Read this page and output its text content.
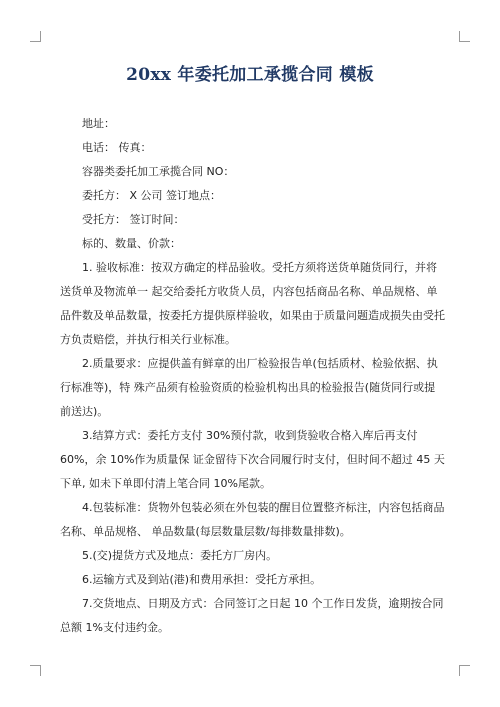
20xx 年委托加工承揽合同 模板

地址：

电话： 传真：

容器类委托加工承揽合同 NO：

委托方： X 公司 签订地点：

受托方： 签订时间：

标的、数量、价款：

1. 验收标准：按双方确定的样品验收。受托方须将送货单随货同行，并将送货单及物流单一 起交给委托方收货人员，内容包括商品名称、单品规格、单品件数及单品数量，按委托方提供原样验收，如果由于质量问题造成损失由受托方负责赔偿，并执行相关行业标准。

2.质量要求：应提供盖有鲜章的出厂检验报告单(包括质材、检验依据、执行标准等)，特 殊产品须有检验资质的检验机构出具的检验报告(随货同行或提前送达)。

3.结算方式：委托方支付 30%预付款，收到货验收合格入库后再支付 60%，余 10%作为质量保 证金留待下次合同履行时支付，但时间不超过 45 天下单, 如未下单即付清上笔合同 10%尾款。

4.包装标准：货物外包装必须在外包装的醒目位置整齐标注，内容包括商品名称、单品规格、 单品数量(每层数量层数/每排数量排数)。

5.(交)提货方式及地点：委托方厂房内。

6.运输方式及到站(港)和费用承担：受托方承担。

7.交货地点、日期及方式：合同签订之日起 10 个工作日发货，逾期按合同总额 1%支付违约金。
